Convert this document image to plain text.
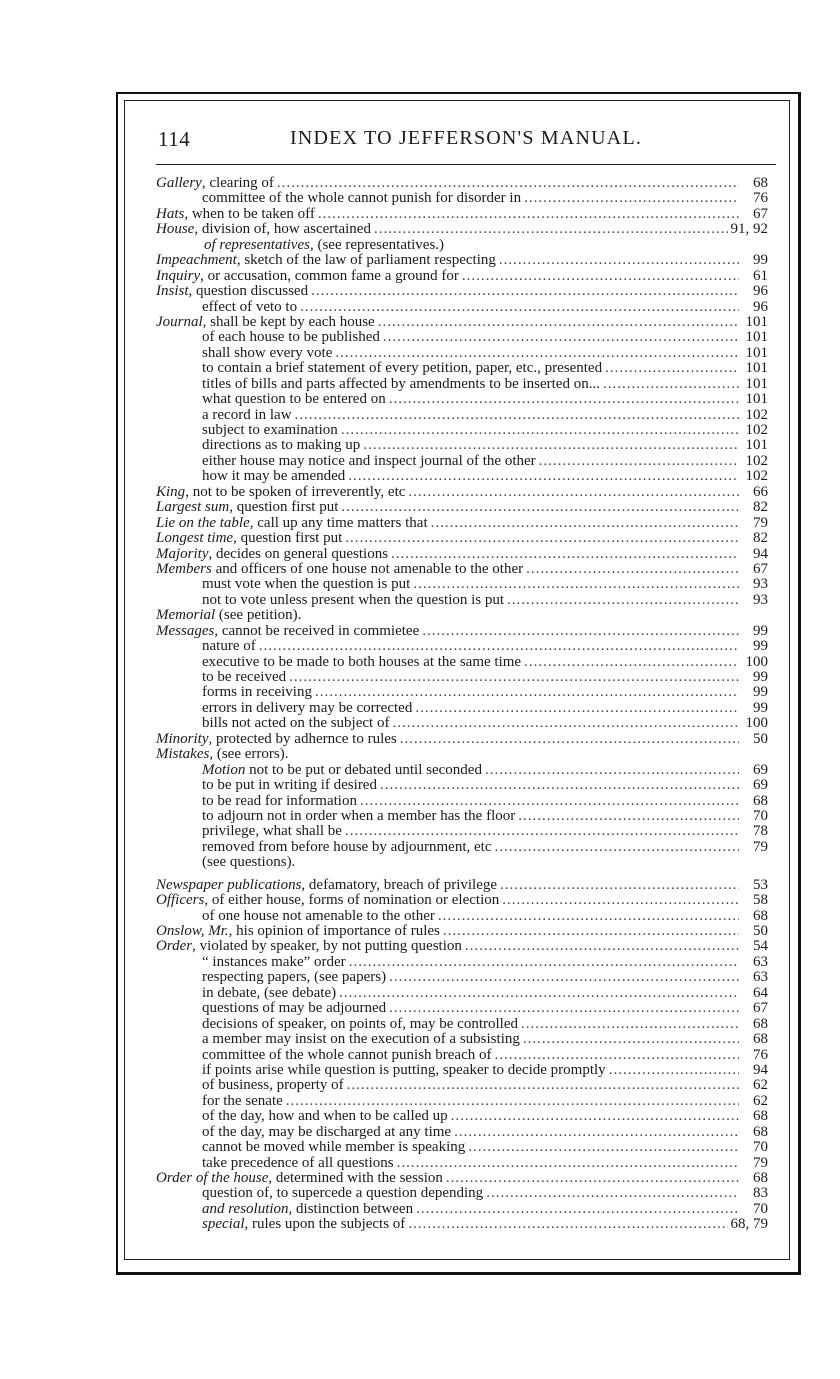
114	INDEX TO JEFFERSON'S MANUAL.
Gallery, clearing of .....	68
committee of the whole cannot punish for disorder in .....	76
Hats, when to be taken off .....	67
House, division of, how ascertained .....	91, 92
of representatives, (see representatives.)
Impeachment, sketch of the law of parliament respecting .....	99
Inquiry, or accusation, common fame a ground for .....	61
Insist, question discussed .....	96
effect of veto to .....	96
Journal, shall be kept by each house .....	101
of each house to be published .....	101
shall show every vote .....	101
to contain a brief statement of every petition, paper, etc., presented .....	101
titles of bills and parts affected by amendments to be inserted on... .....	101
what question to be entered on .....	101
a record in law .....	102
subject to examination .....	102
directions as to making up .....	101
either house may notice and inspect journal of the other .....	102
how it may be amended .....	102
King, not to be spoken of irreverently, etc .....	66
Largest sum, question first put .....	82
Lie on the table, call up any time matters that .....	79
Longest time, question first put .....	82
Majority, decides on general questions .....	94
Members and officers of one house not amenable to the other .....	67
must vote when the question is put .....	93
not to vote unless present when the question is put .....	93
Memorial (see petition).
Messages, cannot be received in commietee .....	99
nature of .....	99
executive to be made to both houses at the same time .....	100
to be received .....	99
forms in receiving .....	99
errors in delivery may be corrected .....	99
bills not acted on the subject of .....	100
Minority, protected by adhernce to rules .....	50
Mistakes, (see errors).
Motion not to be put or debated until seconded .....	69
to be put in writing if desired .....	69
to be read for information .....	68
to adjourn not in order when a member has the floor .....	70
privilege, what shall be .....	78
removed from before house by adjournment, etc .....	79
(see questions).
Newspaper publications, defamatory, breach of privilege .....	53
Officers, of either house, forms of nomination or election .....	58
of one house not amenable to the other .....	68
Onslow, Mr., his opinion of importance of rules .....	50
Order, violated by speaker, by not putting question .....	54
“ instances make” order .....	63
respecting papers, (see papers) .....	63
in debate, (see debate) .....	64
questions of may be adjourned .....	67
decisions of speaker, on points of, may be controlled .....	68
a member may insist on the execution of a subsisting .....	68
committee of the whole cannot punish breach of .....	76
if points arise while question is putting, speaker to decide promptly .....	94
of business, property of .....	62
for the senate .....	62
of the day, how and when to be called up .....	68
of the day, may be discharged at any time .....	68
cannot be moved while member is speaking .....	70
take precedence of all questions .....	79
Order of the house, determined with the session .....	68
question of, to supercede a question depending .....	83
and resolution, distinction between .....	70
special, rules upon the subjects of .....	68, 79
